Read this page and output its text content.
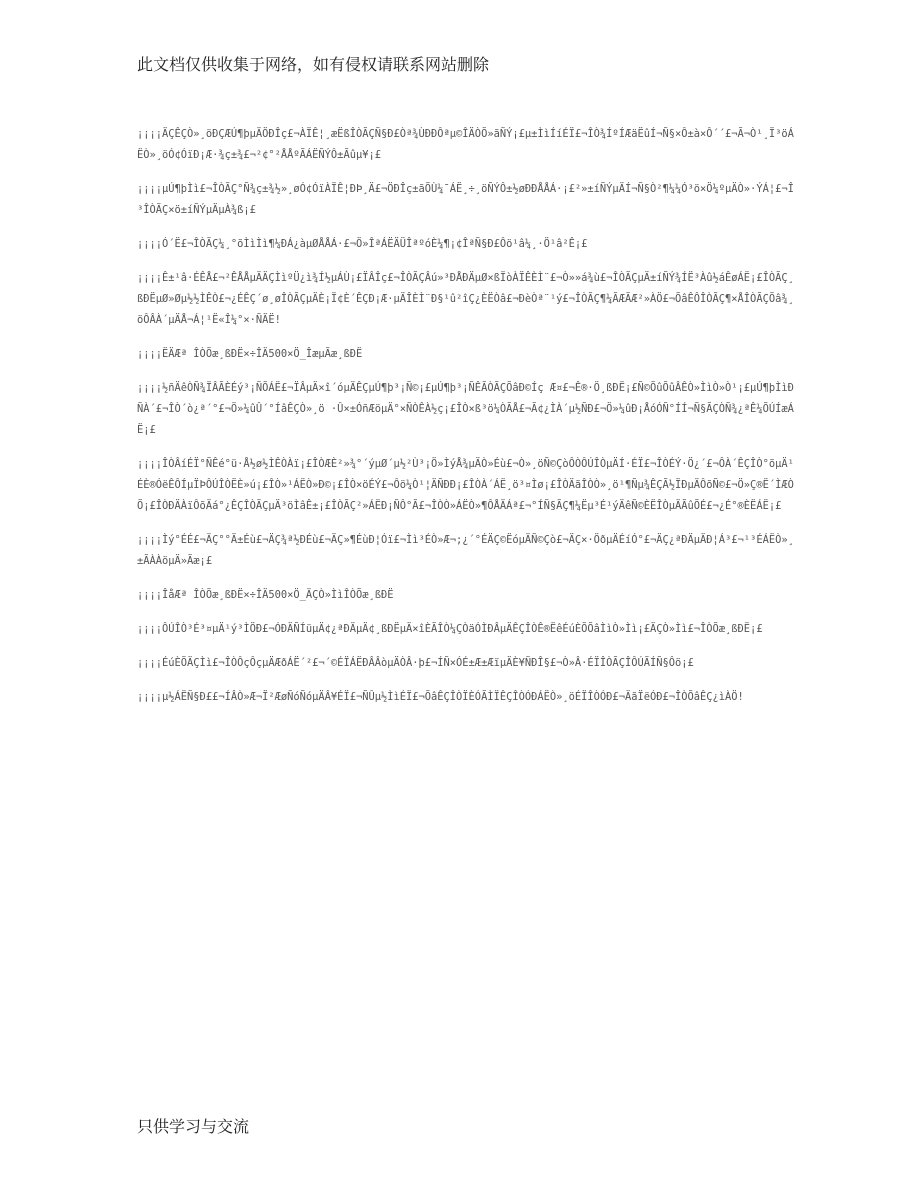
此文档仅供收集于网络，如有侵权请联系网站删除

¡¡¡¡ÄÇÊÇÒ»¸öÐÇÆÚ¶þµÄÖÐÎç£¬ÀÏÊ¦¸æËßÎÒÃÇÑ§Ð£Òª¾ÙÐÐÔªµ©ÎÄÒÕ»ãÑÝ¡£µ±ÌìÍíÉÏ£¬ÎÒ¾ÍºÍÆäËûÍ¬Ñ§×Ô±à×Ô´´£¬Ã¬Ò¹¸Ï³öÁËÒ»¸öÓ¢ÓïÐ¡Æ·¾ç±¾£¬²¢°²ÅÅºÃÁËÑÝÔ±Ãûµ¥¡£

¡¡¡¡µÚ¶þÌì£¬ÎÒÃÇ°Ñ¾ç±¾½»¸øÓ¢ÓïÀÏÊ¦ÐÞ¸Ä£¬ÖÐÎç±ãÕÙ¼¯ÁË¸÷¸öÑÝÔ±½øÐÐÅÅÁ·¡£²»±íÑÝµÄÍ¬Ñ§Ò²¶¼¼Ó³ö×Ö¼ºµÄÒ»·ÝÁ¦£¬Î³ÎÒÃÇ×ö±íÑÝµÄµÀ¾ß¡£

¡¡¡¡Ó´Ë£¬ÎÒÃÇ¼¸°õÌìÌì¶¼ÐÁ¿àµØÅÅÁ·£¬Ö»ÎªÁËÄÜÎªºóÈ¼¶¡¢ÎªÑ§Ð£Ôö¹â¼¸·Ö¹â²Ê¡£

¡¡¡¡Ê±¹â·ÉÊÅ£¬²ÊÅÅµÄÄÇÌìºÜ¿ì¾Í½µÁÙ¡£ÏÂÎç£¬ÎÒÃÇÂú»³ÐÅÐÄµØ×ßÏòÀÏÊÈÌ¨£¬Ò»»á¾ù£¬ÎÒÃÇµÄ±íÑÝ¾ÍË³Àû½áÊøÁË¡£ÎÒÃÇ¸ßÐËµØ»Øµ½½ÌÊÒ£¬¿ÉÊÇ´ø¸øÎÒÃÇµÄÈ¡Ï¢È´ÊÇÐ¡Æ·µÄÎÈÌ¨Ð§¹û²îÇ¿ÈËÒâ£¬ÐèÒª¨¹ý£¬ÎÒÃÇ¶¼ÃÆÃÆ²»ÀÖ£¬ÕâÊÔÎÒÃÇ¶×ÅÎÒÃÇÕâ¾¸öÔÂÀ´µÄÅ¬Á¦¹Ë«Î¼°×·ÑÄË!

¡¡¡¡ËÄÆª ÎÒÕæ¸ßÐË×÷ÎÄ500×Ö_ÎæµÃæ¸ßÐË

¡¡¡¡½ñÄêÒÑ¾ÏÂÃÈÉý³¡ÑÕÁË£¬ÏÂµÄ×î´óµÄÊÇµÚ¶þ³¡Ñ©¡£µÚ¶þ³¡ÑÊÃÒÃÇÕâÐ©Íç Æ¤£¬Ê®·Ö¸ßÐË¡£Ñ©ÕûÕûÂÊÒ»ÌìÒ»Ò¹¡£µÚ¶þÌìÐÑÀ´£¬ÎÒ´ò¿ª´°£¬Ö»¼ûÛ´°ÍâÊÇÒ»¸ö ·Û×±ÓñÆöµÄ°×ÑÒÊÀ½ç¡£ÎÒ×ß³ö¼ÒÃÅ£¬Ã¢¿ÌÀ´µ½ÑÐ£¬Ö»¼ûÐ¡ÅóÓÑ°ÍÍ¬Ñ§ÃÇÒÑ¾¿ªÊ¼ÕÚÍæÁË¡£

¡¡¡¡ÎÒÂíÉÏ°ÑÊé°ü·Å½ø½ÌÊÒÀï¡£ÎÒÆÈ²»¾°´ýµØ´µ½²Ù³¡Ö»ÌýÅ¾µÄÒ»Éù£¬Ò»¸öÑ©ÇòÔÒÔÚÎÒµÄÍ·ÉÏ£¬ÎÒÉÝ·Ö¿´£¬ÔÀ´ÊÇÎÒ°õµÄ¹ÉÈ®ÓëÊÔÍµÏÞÔÚÎÒËÈ»ú¡£ÎÒ»¹ÁËÒ»Ð©¡£ÎÒ×öÉÝ£¬Ôö¼Ò¹¦ÄÑÐÐ¡£ÎÒÀ´ÁË¸ö³¤Ìø¡£ÎÒÄãÎÒÒ»¸ö¹¶Ñµ¾ÊÇÃ½ÏÐµÄÔõÑ©£¬Ö»Ç®Ë´ÌÆÒÕ¡£ÎÒÐÄÀïÔõÄá°¿ÊÇÎÒÃÇµÄ³öÌâÊ±¡£ÎÒÃÇ²»ÁËÐ¡ÑÔ°Ã£¬ÎÒÒ»ÁËÒ»¶ÔÅÄÁª£¬°ÍÑ§ÃÇ¶¼Ëµ³É¹ýÄêÑ©ÈËÎÒµÄÃûÕÉ£¬¿É°®ÈËÁË¡£

¡¡¡¡Ìý°ÉÉ£¬ÄÇ°°Ä±Éù£¬ÄÇ¾ª½ÐÉù£¬ÄÇ»¶ÉùÐ¦Óï£¬Ìì³ÉÒ»Æ¬;¿´°ÉÄÇ©ËóµÄÑ©Çò£¬ÄÇ×·ÖðµÄÉíÓ°£¬ÄÇ¿ªÐÄµÄÐ¦Á³£¬¹³ÉÁËÒ»¸±ÃÀÀöµÄ»Ãæ¡£

¡¡¡¡ÎåÆª ÎÒÕæ¸ßÐË×÷ÎÄ500×Ö_ÄÇÒ»ÌìÎÒÕæ¸ßÐË

¡¡¡¡ÔÚÎÒ³É³¤µÄ¹ý³ÌÖÐ£¬ÓÐÄÑÍüµÄ¢¿ªÐÄµÄ¢¸ßÐËµÄ×îÈÃÎÒ¼ÇÒäÓÌÐÂµÄÊÇÎÒÊ®ËêÉúÈÕÕâÌìÒ»Ìì¡£ÄÇÒ»Ìì£¬ÎÒÕæ¸ßÐË¡£

¡¡¡¡ÉúÈÕÄÇÌì£¬ÎÒÔçÔçµÄÆðÁË´²£¬´©ÉÏÁËÐÂÂòµÄÒÂ·þ£¬ÍÑ×ÓÉ±Æ±ÆïµÄÈ¥ÑÐÎ§£¬Ò»Â·ÉÏÎÒÃÇÎÔÚÃÍÑ§Ôö¡£

¡¡¡¡µ½ÁËÑ§Ð££¬ÍÂÒ»Æ¬Ï²ÆøÑóÑóµÄÂ¥ÉÏ£¬ÑÛµ½ÌìÉÏ£¬ÕâÊÇÎÒÏÈÓÃÌÏÊÇÎÒÓÐÁËÒ»¸öÉÏÎÒÓÐ£¬ÄãÏëÓÐ£¬ÎÒÕâÊÇ¿ìÀÖ!

只供学习与交流
